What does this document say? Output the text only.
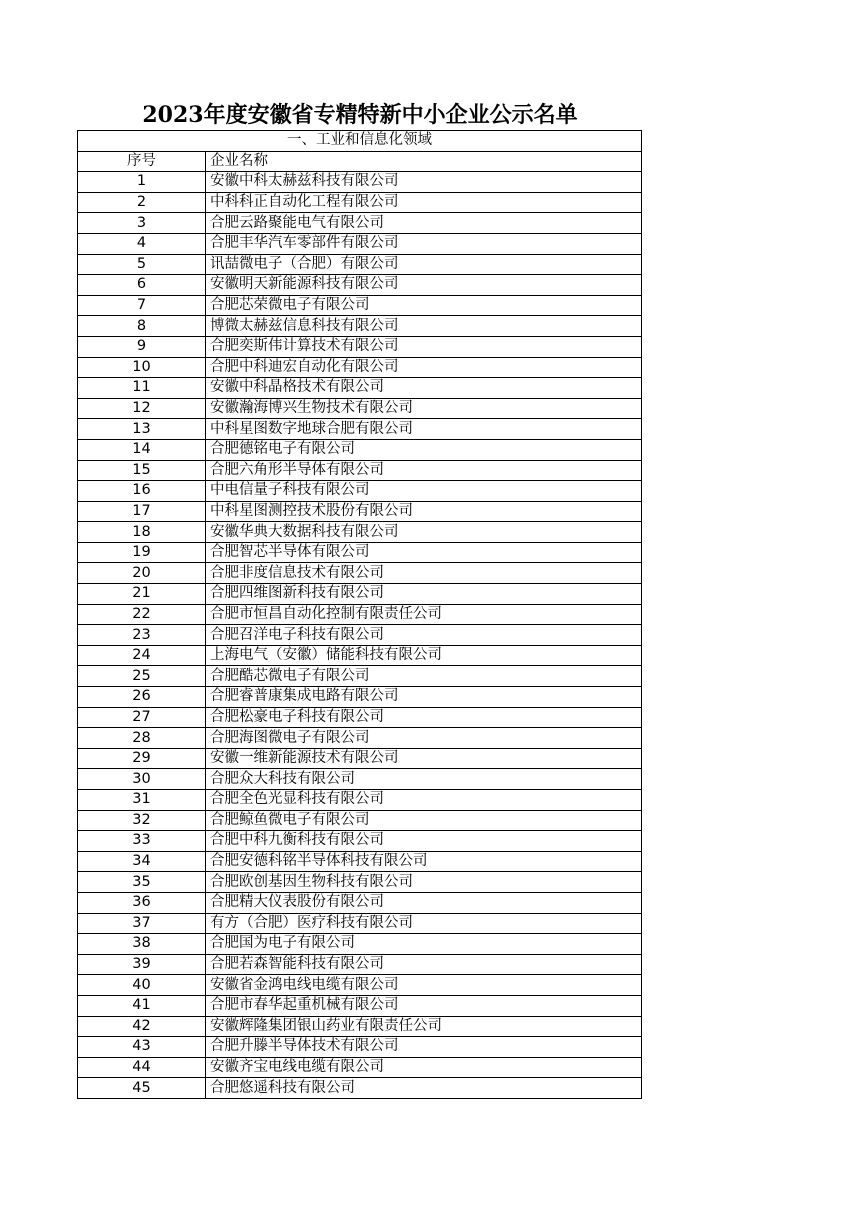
2023年度安徽省专精特新中小企业公示名单
一、工业和信息化领域	
序号	企业名称
1	安徽中科太赫兹科技有限公司
2	中科科正自动化工程有限公司
3	合肥云路聚能电气有限公司
4	合肥丰华汽车零部件有限公司
5	讯喆微电子（合肥）有限公司
6	安徽明天新能源科技有限公司
7	合肥芯荣微电子有限公司
8	博微太赫兹信息科技有限公司
9	合肥奕斯伟计算技术有限公司
10	合肥中科迪宏自动化有限公司
11	安徽中科晶格技术有限公司
12	安徽瀚海博兴生物技术有限公司
13	中科星图数字地球合肥有限公司
14	合肥德铭电子有限公司
15	合肥六角形半导体有限公司
16	中电信量子科技有限公司
17	中科星图测控技术股份有限公司
18	安徽华典大数据科技有限公司
19	合肥智芯半导体有限公司
20	合肥非度信息技术有限公司
21	合肥四维图新科技有限公司
22	合肥市恒昌自动化控制有限责任公司
23	合肥召洋电子科技有限公司
24	上海电气（安徽）储能科技有限公司
25	合肥酷芯微电子有限公司
26	合肥睿普康集成电路有限公司
27	合肥松豪电子科技有限公司
28	合肥海图微电子有限公司
29	安徽一维新能源技术有限公司
30	合肥众大科技有限公司
31	合肥全色光显科技有限公司
32	合肥鲸鱼微电子有限公司
33	合肥中科九衡科技有限公司
34	合肥安德科铭半导体科技有限公司
35	合肥欧创基因生物科技有限公司
36	合肥精大仪表股份有限公司
37	有方（合肥）医疗科技有限公司
38	合肥国为电子有限公司
39	合肥若森智能科技有限公司
40	安徽省金鸿电线电缆有限公司
41	合肥市春华起重机械有限公司
42	安徽辉隆集团银山药业有限责任公司
43	合肥升滕半导体技术有限公司
44	安徽齐宝电线电缆有限公司
45	合肥悠遥科技有限公司
